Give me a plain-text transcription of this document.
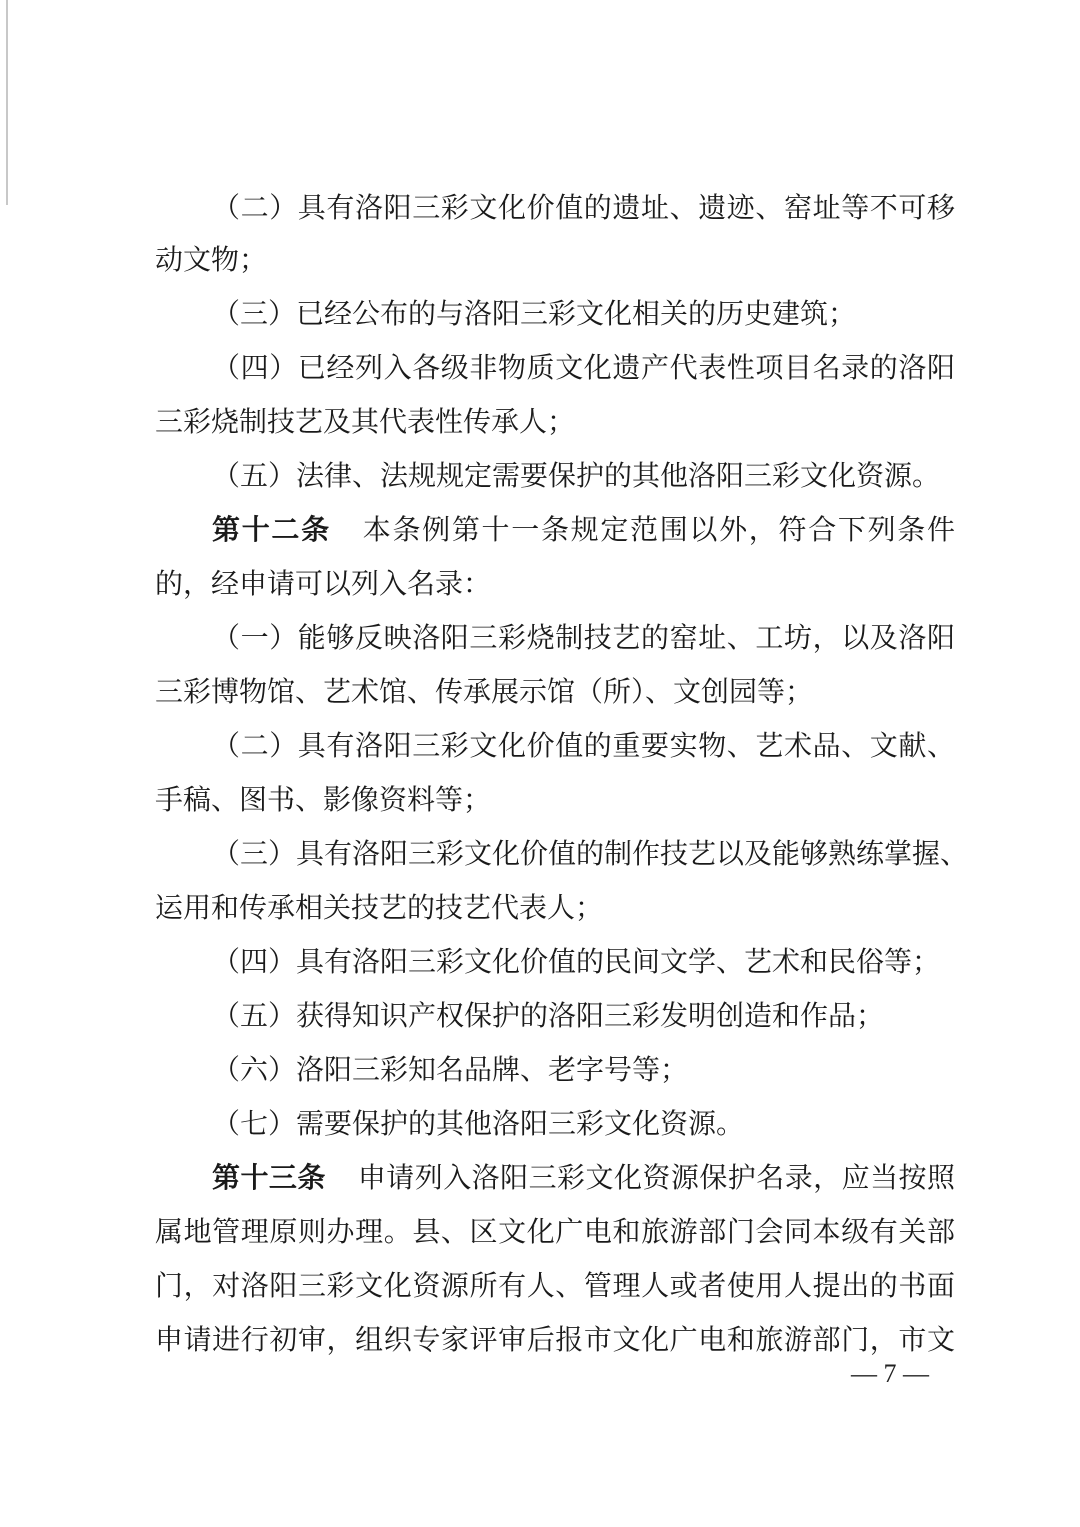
（二）具有洛阳三彩文化价值的遗址、遗迹、窑址等不可移
动文物；
（三）已经公布的与洛阳三彩文化相关的历史建筑；
（四）已经列入各级非物质文化遗产代表性项目名录的洛阳
三彩烧制技艺及其代表性传承人；
（五）法律、法规规定需要保护的其他洛阳三彩文化资源。
第十二条 本条例第十一条规定范围以外，符合下列条件
的，经申请可以列入名录：
（一）能够反映洛阳三彩烧制技艺的窑址、工坊，以及洛阳
三彩博物馆、艺术馆、传承展示馆（所）、文创园等；
（二）具有洛阳三彩文化价值的重要实物、艺术品、文献、
手稿、图书、影像资料等；
（三）具有洛阳三彩文化价值的制作技艺以及能够熟练掌握、
运用和传承相关技艺的技艺代表人；
（四）具有洛阳三彩文化价值的民间文学、艺术和民俗等；
（五）获得知识产权保护的洛阳三彩发明创造和作品；
（六）洛阳三彩知名品牌、老字号等；
（七）需要保护的其他洛阳三彩文化资源。
第十三条 申请列入洛阳三彩文化资源保护名录，应当按照
属地管理原则办理。县、区文化广电和旅游部门会同本级有关部
门，对洛阳三彩文化资源所有人、管理人或者使用人提出的书面
申请进行初审，组织专家评审后报市文化广电和旅游部门，市文
— 7 —
